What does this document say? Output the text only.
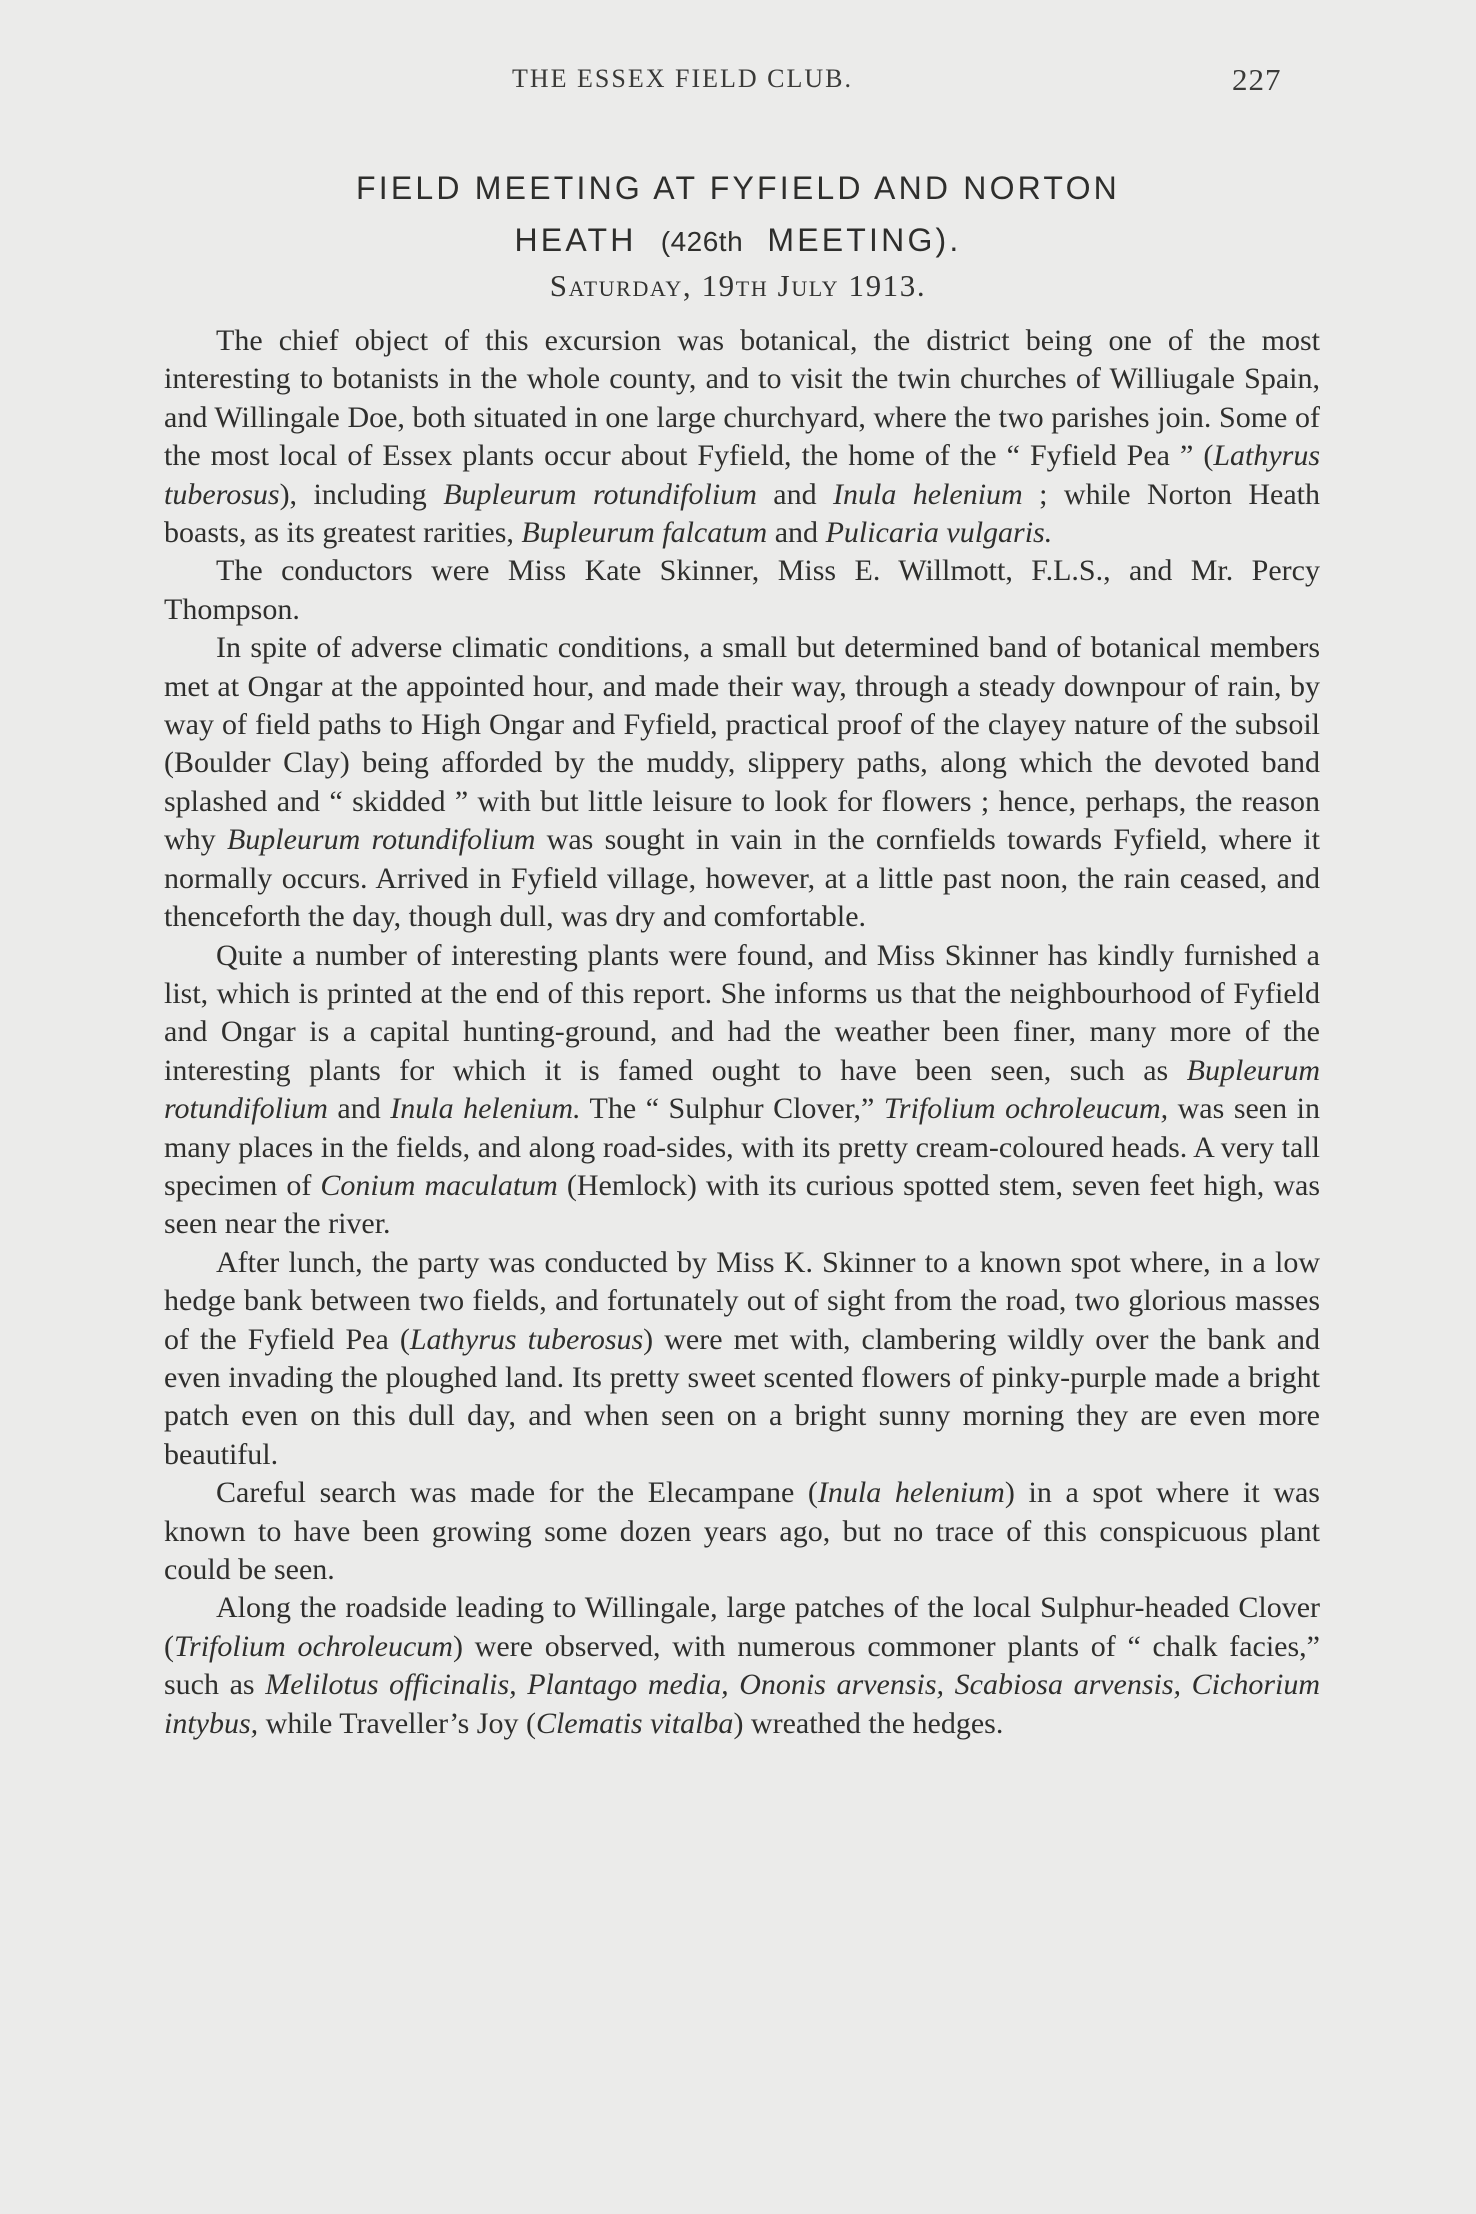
THE ESSEX FIELD CLUB.	227
FIELD MEETING AT FYFIELD AND NORTON
HEATH (426th MEETING).
Saturday, 19th July 1913.

The chief object of this excursion was botanical, the district being one of the most interesting to botanists in the whole county, and to visit the twin churches of Williugale Spain, and Willingale Doe, both situated in one large churchyard, where the two parishes join. Some of the most local of Essex plants occur about Fyfield, the home of the “ Fyfield Pea ” (Lathyrus tuberosus), including Bupleurum rotundifolium and Inula helenium ; while Norton Heath boasts, as its greatest rarities, Bupleurum falcatum and Pulicaria vulgaris.

The conductors were Miss Kate Skinner, Miss E. Willmott, F.L.S., and Mr. Percy Thompson.

In spite of adverse climatic conditions, a small but determined band of botanical members met at Ongar at the appointed hour, and made their way, through a steady downpour of rain, by way of field paths to High Ongar and Fyfield, practical proof of the clayey nature of the subsoil (Boulder Clay) being afforded by the muddy, slippery paths, along which the devoted band splashed and “ skidded ” with but little leisure to look for flowers ; hence, perhaps, the reason why Bupleurum rotundifolium was sought in vain in the cornfields towards Fyfield, where it normally occurs. Arrived in Fyfield village, however, at a little past noon, the rain ceased, and thenceforth the day, though dull, was dry and comfortable.

Quite a number of interesting plants were found, and Miss Skinner has kindly furnished a list, which is printed at the end of this report. She informs us that the neighbourhood of Fyfield and Ongar is a capital hunting-ground, and had the weather been finer, many more of the interesting plants for which it is famed ought to have been seen, such as Bupleurum rotundifolium and Inula helenium. The “ Sulphur Clover,” Trifolium ochroleucum, was seen in many places in the fields, and along road-sides, with its pretty cream-coloured heads. A very tall specimen of Conium maculatum (Hemlock) with its curious spotted stem, seven feet high, was seen near the river.

After lunch, the party was conducted by Miss K. Skinner to a known spot where, in a low hedge bank between two fields, and fortunately out of sight from the road, two glorious masses of the Fyfield Pea (Lathyrus tuberosus) were met with, clambering wildly over the bank and even invading the ploughed land. Its pretty sweet scented flowers of pinky-purple made a bright patch even on this dull day, and when seen on a bright sunny morning they are even more beautiful.

Careful search was made for the Elecampane (Inula helenium) in a spot where it was known to have been growing some dozen years ago, but no trace of this conspicuous plant could be seen.

Along the roadside leading to Willingale, large patches of the local Sulphur-headed Clover (Trifolium ochroleucum) were observed, with numerous commoner plants of “ chalk facies,” such as Melilotus officinalis, Plantago media, Ononis arvensis, Scabiosa arvensis, Cichorium intybus, while Traveller’s Joy (Clematis vitalba) wreathed the hedges.
